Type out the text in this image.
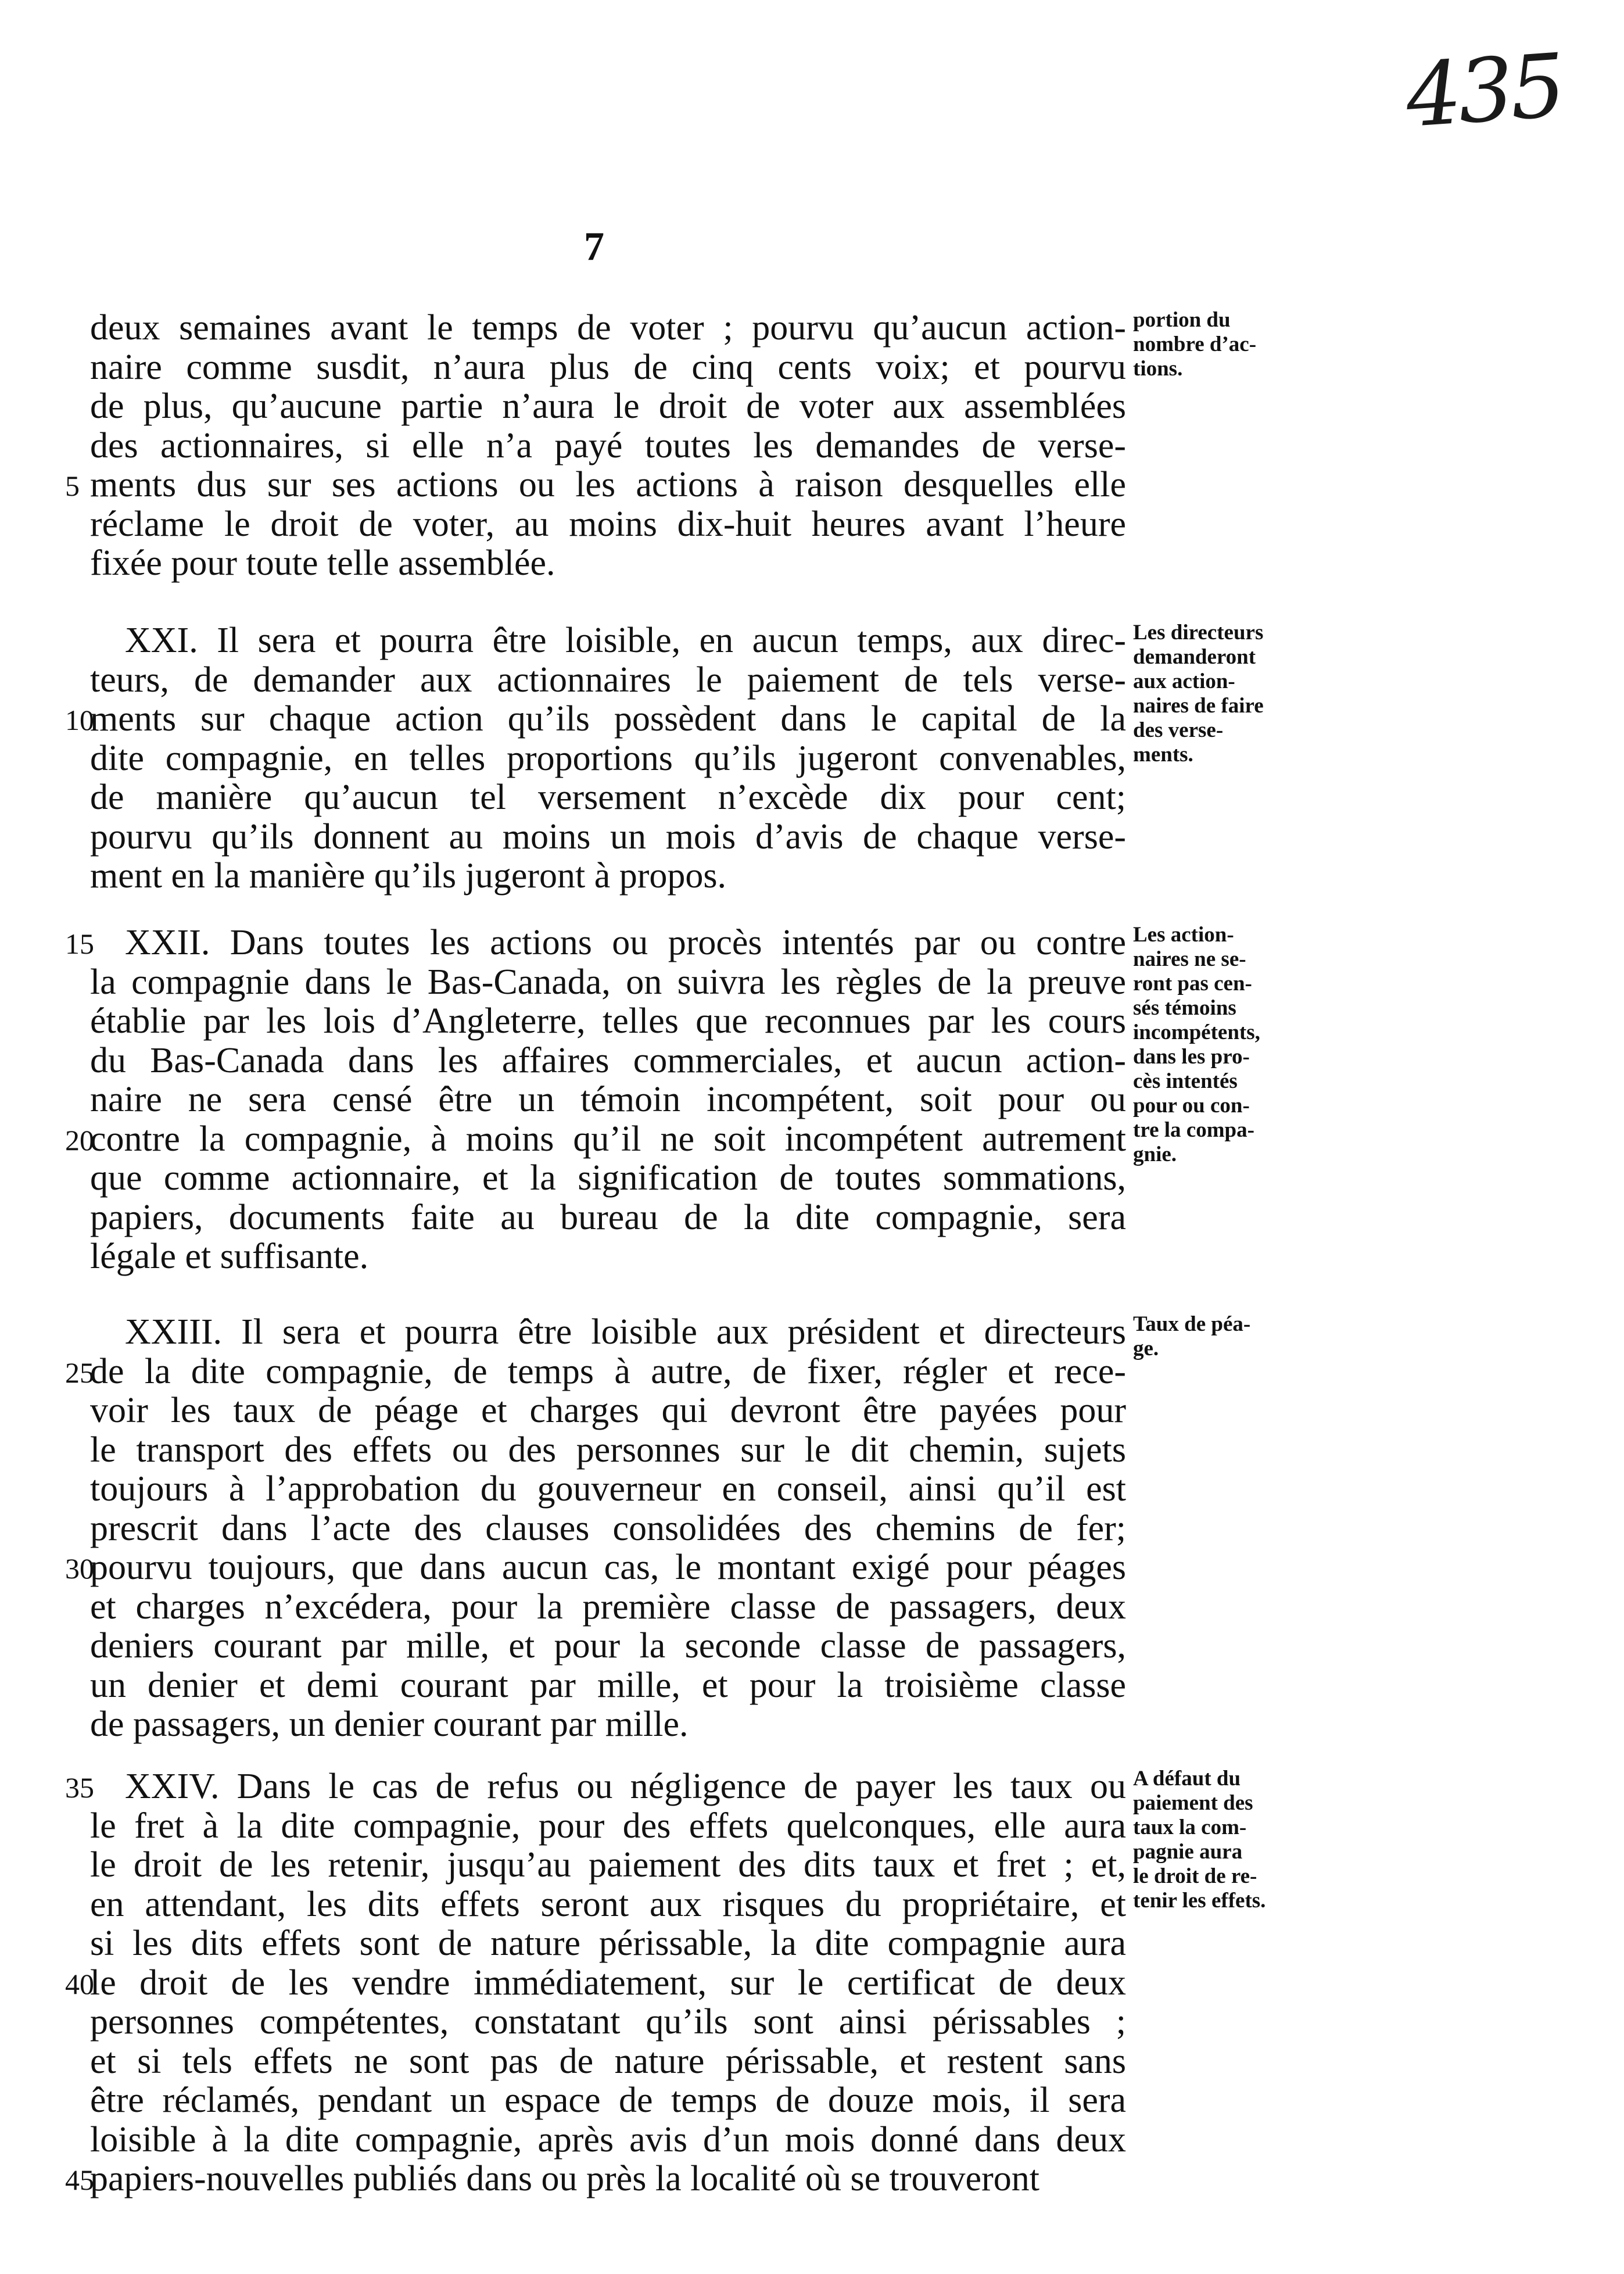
435
7
deux semaines avant le temps de voter ; pourvu qu’aucun action-
naire comme susdit, n’aura plus de cinq cents voix; et pourvu
de plus, qu’aucune partie n’aura le droit de voter aux assemblées
des actionnaires, si elle n’a payé toutes les demandes de verse-
ments dus sur ses actions ou les actions à raison desquelles elle
5
réclame le droit de voter, au moins dix-huit heures avant l’heure
fixée pour toute telle assemblée.
XXI. Il sera et pourra être loisible, en aucun temps, aux direc-
teurs, de demander aux actionnaires le paiement de tels verse-
ments sur chaque action qu’ils possèdent dans le capital de la
10
dite compagnie, en telles proportions qu’ils jugeront convenables,
de manière qu’aucun tel versement n’excède dix pour cent;
pourvu qu’ils donnent au moins un mois d’avis de chaque verse-
ment en la manière qu’ils jugeront à propos.
XXII. Dans toutes les actions ou procès intentés par ou contre
15
la compagnie dans le Bas-Canada, on suivra les règles de la preuve
établie par les lois d’Angleterre, telles que reconnues par les cours
du Bas-Canada dans les affaires commerciales, et aucun action-
naire ne sera censé être un témoin incompétent, soit pour ou
contre la compagnie, à moins qu’il ne soit incompétent autrement
20
que comme actionnaire, et la signification de toutes sommations,
papiers, documents faite au bureau de la dite compagnie, sera
légale et suffisante.
XXIII. Il sera et pourra être loisible aux président et directeurs
de la dite compagnie, de temps à autre, de fixer, régler et rece-
25
voir les taux de péage et charges qui devront être payées pour
le transport des effets ou des personnes sur le dit chemin, sujets
toujours à l’approbation du gouverneur en conseil, ainsi qu’il est
prescrit dans l’acte des clauses consolidées des chemins de fer;
pourvu toujours, que dans aucun cas, le montant exigé pour péages
30
et charges n’excédera, pour la première classe de passagers, deux
deniers courant par mille, et pour la seconde classe de passagers,
un denier et demi courant par mille, et pour la troisième classe
de passagers, un denier courant par mille.
XXIV. Dans le cas de refus ou négligence de payer les taux ou
35
le fret à la dite compagnie, pour des effets quelconques, elle aura
le droit de les retenir, jusqu’au paiement des dits taux et fret ; et,
en attendant, les dits effets seront aux risques du propriétaire, et
si les dits effets sont de nature périssable, la dite compagnie aura
le droit de les vendre immédiatement, sur le certificat de deux
40
personnes compétentes, constatant qu’ils sont ainsi périssables ;
et si tels effets ne sont pas de nature périssable, et restent sans
être réclamés, pendant un espace de temps de douze mois, il sera
loisible à la dite compagnie, après avis d’un mois donné dans deux
papiers-nouvelles publiés dans ou près la localité où se trouveront
45
portion du
nombre d’ac-
tions.
Les directeurs
demanderont
aux action-
naires de faire
des verse-
ments.
Les action-
naires ne se-
ront pas cen-
sés témoins
incompétents,
dans les pro-
cès intentés
pour ou con-
tre la compa-
gnie.
Taux de péa-
ge.
A défaut du
paiement des
taux la com-
pagnie aura
le droit de re-
tenir les effets.
